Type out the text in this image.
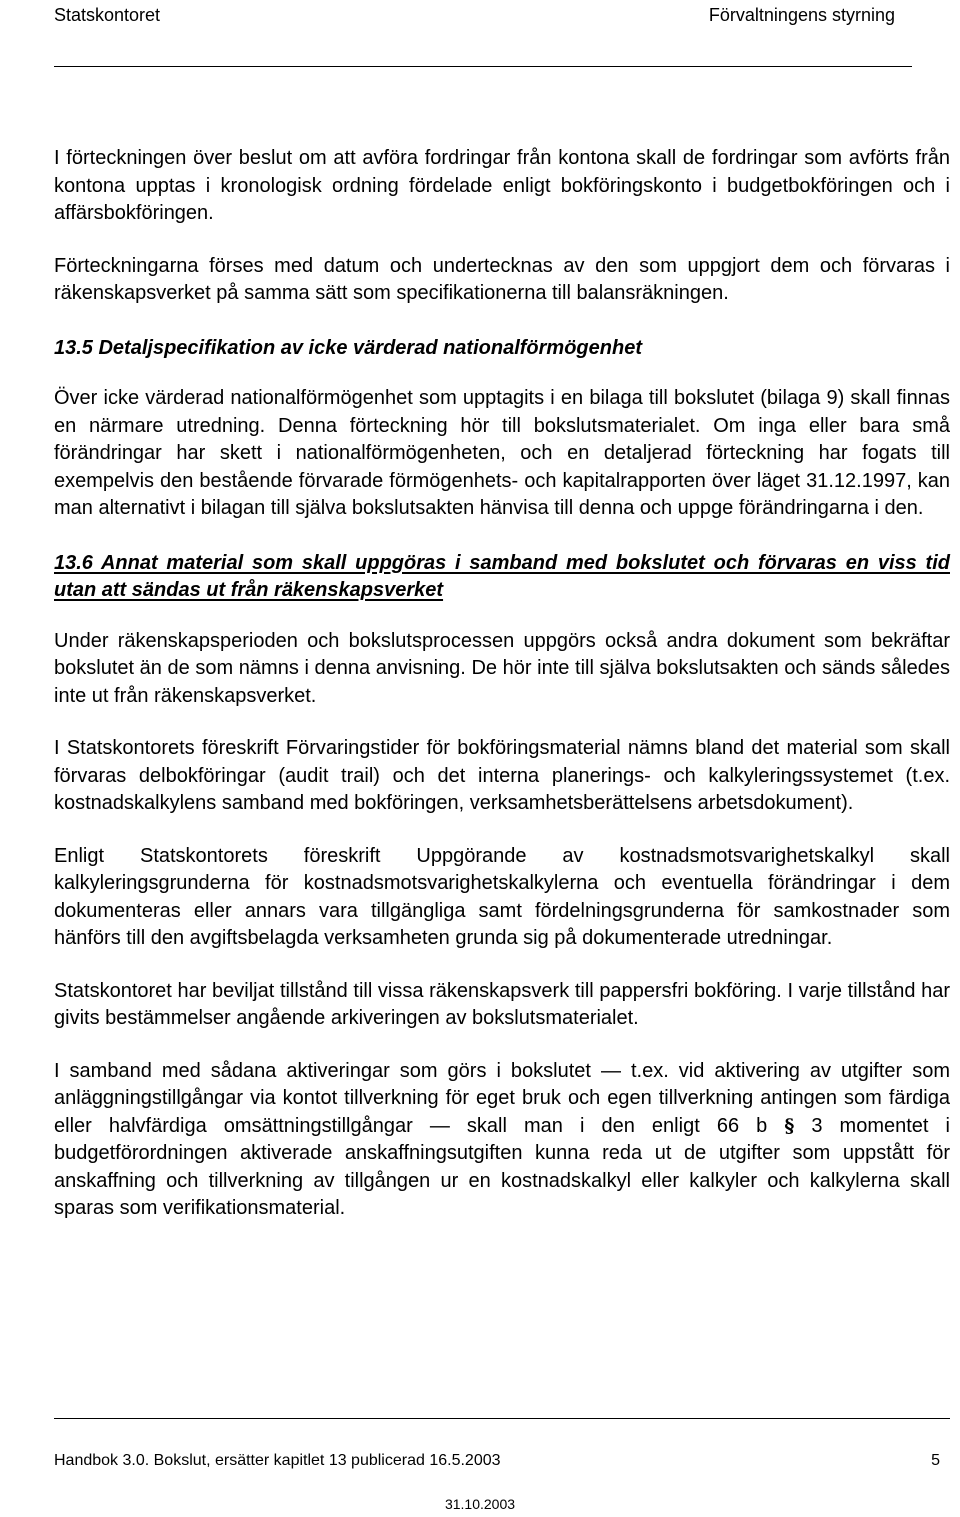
Statskontoret	Förvaltningens styrning

I förteckningen över beslut om att avföra fordringar från kontona skall de fordringar som avförts från kontona upptas i kronologisk ordning fördelade enligt bokföringskonto i budgetbokföringen och i affärsbokföringen.

Förteckningarna förses med datum och undertecknas av den som uppgjort dem och förvaras i räkenskapsverket på samma sätt som specifikationerna till balansräkningen.

13.5 Detaljspecifikation av icke värderad nationalförmögenhet

Över icke värderad nationalförmögenhet som upptagits i en bilaga till bokslutet (bilaga 9) skall finnas en närmare utredning. Denna förteckning hör till bokslutsmaterialet. Om inga eller bara små förändringar har skett i nationalförmögenheten, och en detaljerad förteckning har fogats till exempelvis den bestående förvarade förmögenhets- och kapitalrapporten över läget 31.12.1997, kan man alternativt i bilagan till själva bokslutsakten hänvisa till denna och uppge förändringarna i den.

13.6 Annat material som skall uppgöras i samband med bokslutet och förvaras en viss tid utan att sändas ut från räkenskapsverket

Under räkenskapsperioden och bokslutsprocessen uppgörs också andra dokument som bekräftar bokslutet än de som nämns i denna anvisning. De hör inte till själva bokslutsakten och sänds således inte ut från räkenskapsverket.

I Statskontorets föreskrift Förvaringstider för bokföringsmaterial nämns bland det material som skall förvaras delbokföringar (audit trail) och det interna planerings- och kalkyleringssystemet (t.ex. kostnadskalkylens samband med bokföringen, verksamhetsberättelsens arbetsdokument).

Enligt Statskontorets föreskrift Uppgörande av kostnadsmotsvarighetskalkyl skall kalkyleringsgrunderna för kostnadsmotsvarighetskalkylerna och eventuella förändringar i dem dokumenteras eller annars vara tillgängliga samt fördelningsgrunderna för samkostnader som hänförs till den avgiftsbelagda verksamheten grunda sig på dokumenterade utredningar.

Statskontoret har beviljat tillstånd till vissa räkenskapsverk till pappersfri bokföring. I varje tillstånd har givits bestämmelser angående arkiveringen av bokslutsmaterialet.

I samband med sådana aktiveringar som görs i bokslutet — t.ex. vid aktivering av utgifter som anläggningstillgångar via kontot tillverkning för eget bruk och egen tillverkning antingen som färdiga eller halvfärdiga omsättningstillgångar — skall man i den enligt 66 b § 3 momentet i budgetförordningen aktiverade anskaffningsutgiften kunna reda ut de utgifter som uppstått för anskaffning och tillverkning av tillgången ur en kostnadskalkyl eller kalkyler och kalkylerna skall sparas som verifikationsmaterial.

Handbok 3.0. Bokslut, ersätter kapitlet 13 publicerad 16.5.2003	5
31.10.2003
